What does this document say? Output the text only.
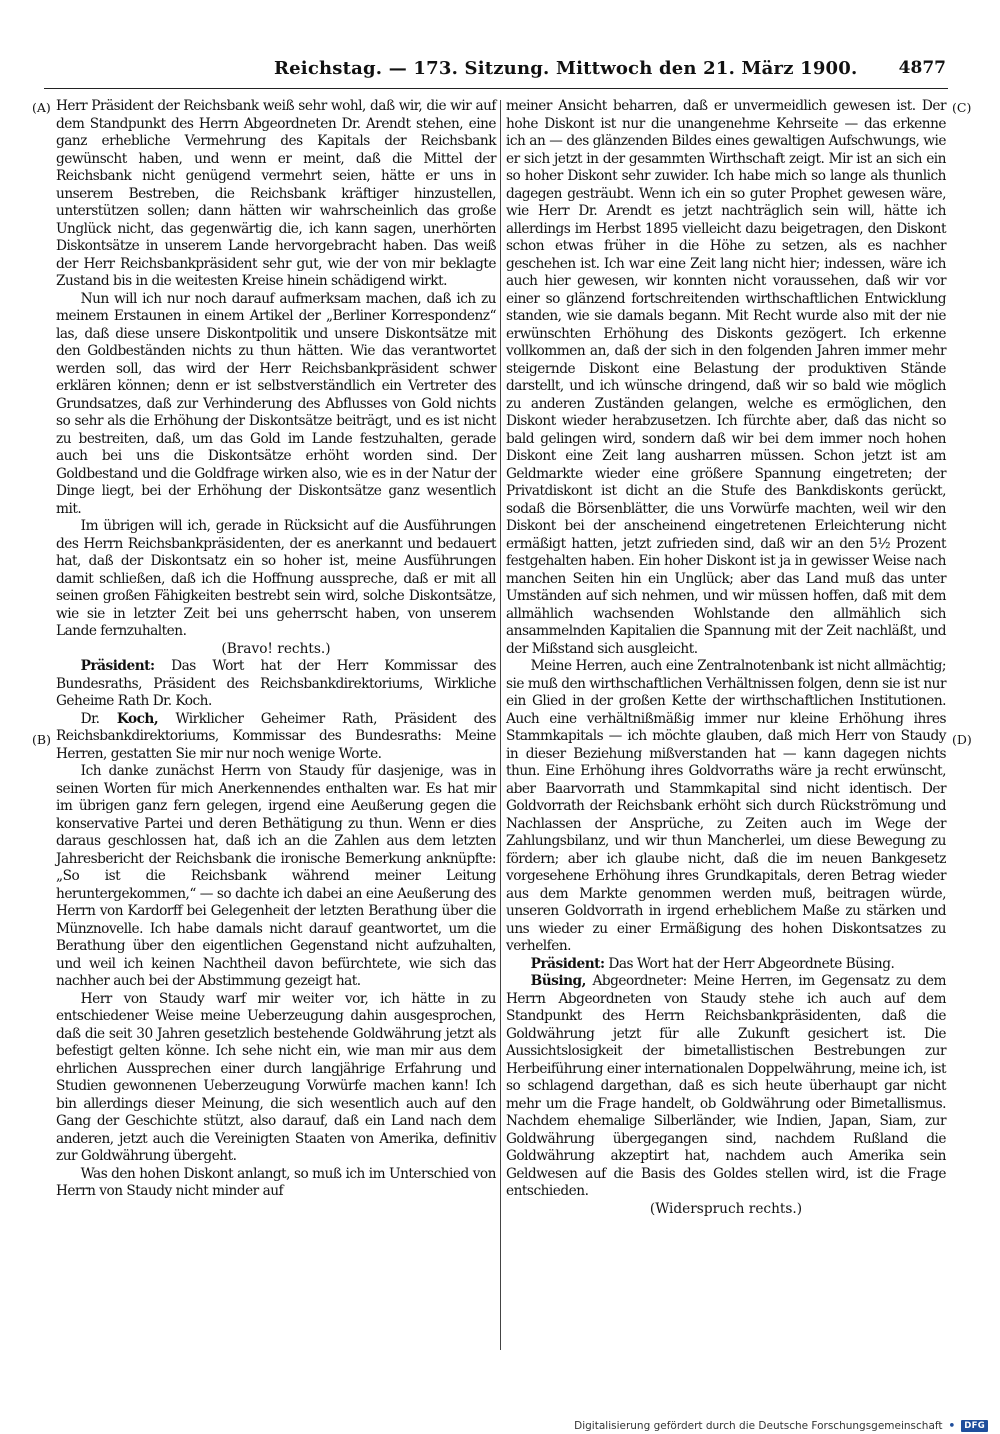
Reichstag. — 173. Sitzung. Mittwoch den 21. März 1900. 4877
(A)
(B)
(C)
(D)

Herr Präsident der Reichsbank weiß sehr wohl, daß wir, die wir auf dem Standpunkt des Herrn Abgeordneten Dr. Arendt stehen, eine ganz erhebliche Vermehrung des Kapitals der Reichsbank gewünscht haben, und wenn er meint, daß die Mittel der Reichsbank nicht genügend vermehrt seien, hätte er uns in unserem Bestreben, die Reichsbank kräftiger hinzustellen, unterstützen sollen; dann hätten wir wahrscheinlich das große Unglück nicht, das gegenwärtig die, ich kann sagen, unerhörten Diskontsätze in unserem Lande hervorgebracht haben. Das weiß der Herr Reichsbankpräsident sehr gut, wie der von mir beklagte Zustand bis in die weitesten Kreise hinein schädigend wirkt.

Nun will ich nur noch darauf aufmerksam machen, daß ich zu meinem Erstaunen in einem Artikel der „Berliner Korrespondenz“ las, daß diese unsere Diskontpolitik und unsere Diskontsätze mit den Goldbeständen nichts zu thun hätten. Wie das verantwortet werden soll, das wird der Herr Reichsbankpräsident schwer erklären können; denn er ist selbstverständlich ein Vertreter des Grundsatzes, daß zur Verhinderung des Abflusses von Gold nichts so sehr als die Erhöhung der Diskontsätze beiträgt, und es ist nicht zu bestreiten, daß, um das Gold im Lande festzuhalten, gerade auch bei uns die Diskontsätze erhöht worden sind. Der Goldbestand und die Goldfrage wirken also, wie es in der Natur der Dinge liegt, bei der Erhöhung der Diskontsätze ganz wesentlich mit.

Im übrigen will ich, gerade in Rücksicht auf die Ausführungen des Herrn Reichsbankpräsidenten, der es anerkannt und bedauert hat, daß der Diskontsatz ein so hoher ist, meine Ausführungen damit schließen, daß ich die Hoffnung ausspreche, daß er mit all seinen großen Fähigkeiten bestrebt sein wird, solche Diskontsätze, wie sie in letzter Zeit bei uns geherrscht haben, von unserem Lande fernzuhalten.

(Bravo! rechts.)

Präsident: Das Wort hat der Herr Kommissar des Bundesraths, Präsident des Reichsbankdirektoriums, Wirkliche Geheime Rath Dr. Koch.

Dr. Koch, Wirklicher Geheimer Rath, Präsident des Reichsbankdirektoriums, Kommissar des Bundesraths: Meine Herren, gestatten Sie mir nur noch wenige Worte.

Ich danke zunächst Herrn von Staudy für dasjenige, was in seinen Worten für mich Anerkennendes enthalten war. Es hat mir im übrigen ganz fern gelegen, irgend eine Aeußerung gegen die konservative Partei und deren Bethätigung zu thun. Wenn er dies daraus geschlossen hat, daß ich an die Zahlen aus dem letzten Jahresbericht der Reichsbank die ironische Bemerkung anknüpfte: „So ist die Reichsbank während meiner Leitung heruntergekommen,“ — so dachte ich dabei an eine Aeußerung des Herrn von Kardorff bei Gelegenheit der letzten Berathung über die Münznovelle. Ich habe damals nicht darauf geantwortet, um die Berathung über den eigentlichen Gegenstand nicht aufzuhalten, und weil ich keinen Nachtheil davon befürchtete, wie sich das nachher auch bei der Abstimmung gezeigt hat.

Herr von Staudy warf mir weiter vor, ich hätte in zu entschiedener Weise meine Ueberzeugung dahin ausgesprochen, daß die seit 30 Jahren gesetzlich bestehende Goldwährung jetzt als befestigt gelten könne. Ich sehe nicht ein, wie man mir aus dem ehrlichen Aussprechen einer durch langjährige Erfahrung und Studien gewonnenen Ueberzeugung Vorwürfe machen kann! Ich bin allerdings dieser Meinung, die sich wesentlich auch auf den Gang der Geschichte stützt, also darauf, daß ein Land nach dem anderen, jetzt auch die Vereinigten Staaten von Amerika, definitiv zur Goldwährung übergeht.

Was den hohen Diskont anlangt, so muß ich im Unterschied von Herrn von Staudy nicht minder auf

meiner Ansicht beharren, daß er unvermeidlich gewesen ist. Der hohe Diskont ist nur die unangenehme Kehrseite — das erkenne ich an — des glänzenden Bildes eines gewaltigen Aufschwungs, wie er sich jetzt in der gesammten Wirthschaft zeigt. Mir ist an sich ein so hoher Diskont sehr zuwider. Ich habe mich so lange als thunlich dagegen gesträubt. Wenn ich ein so guter Prophet gewesen wäre, wie Herr Dr. Arendt es jetzt nachträglich sein will, hätte ich allerdings im Herbst 1895 vielleicht dazu beigetragen, den Diskont schon etwas früher in die Höhe zu setzen, als es nachher geschehen ist. Ich war eine Zeit lang nicht hier; indessen, wäre ich auch hier gewesen, wir konnten nicht voraussehen, daß wir vor einer so glänzend fortschreitenden wirthschaftlichen Entwicklung standen, wie sie damals begann. Mit Recht wurde also mit der nie erwünschten Erhöhung des Diskonts gezögert. Ich erkenne vollkommen an, daß der sich in den folgenden Jahren immer mehr steigernde Diskont eine Belastung der produktiven Stände darstellt, und ich wünsche dringend, daß wir so bald wie möglich zu anderen Zuständen gelangen, welche es ermöglichen, den Diskont wieder herabzusetzen. Ich fürchte aber, daß das nicht so bald gelingen wird, sondern daß wir bei dem immer noch hohen Diskont eine Zeit lang ausharren müssen. Schon jetzt ist am Geldmarkte wieder eine größere Spannung eingetreten; der Privatdiskont ist dicht an die Stufe des Bankdiskonts gerückt, sodaß die Börsenblätter, die uns Vorwürfe machten, weil wir den Diskont bei der anscheinend eingetretenen Erleichterung nicht ermäßigt hatten, jetzt zufrieden sind, daß wir an den 5½ Prozent festgehalten haben. Ein hoher Diskont ist ja in gewisser Weise nach manchen Seiten hin ein Unglück; aber das Land muß das unter Umständen auf sich nehmen, und wir müssen hoffen, daß mit dem allmählich wachsenden Wohlstande den allmählich sich ansammelnden Kapitalien die Spannung mit der Zeit nachläßt, und der Mißstand sich ausgleicht.

Meine Herren, auch eine Zentralnotenbank ist nicht allmächtig; sie muß den wirthschaftlichen Verhältnissen folgen, denn sie ist nur ein Glied in der großen Kette der wirthschaftlichen Institutionen. Auch eine verhältnißmäßig immer nur kleine Erhöhung ihres Stammkapitals — ich möchte glauben, daß mich Herr von Staudy in dieser Beziehung mißverstanden hat — kann dagegen nichts thun. Eine Erhöhung ihres Goldvorraths wäre ja recht erwünscht, aber Baarvorrath und Stammkapital sind nicht identisch. Der Goldvorrath der Reichsbank erhöht sich durch Rückströmung und Nachlassen der Ansprüche, zu Zeiten auch im Wege der Zahlungsbilanz, und wir thun Mancherlei, um diese Bewegung zu fördern; aber ich glaube nicht, daß die im neuen Bankgesetz vorgesehene Erhöhung ihres Grundkapitals, deren Betrag wieder aus dem Markte genommen werden muß, beitragen würde, unseren Goldvorrath in irgend erheblichem Maße zu stärken und uns wieder zu einer Ermäßigung des hohen Diskontsatzes zu verhelfen.

Präsident: Das Wort hat der Herr Abgeordnete Büsing.

Büsing, Abgeordneter: Meine Herren, im Gegensatz zu dem Herrn Abgeordneten von Staudy stehe ich auch auf dem Standpunkt des Herrn Reichsbankpräsidenten, daß die Goldwährung jetzt für alle Zukunft gesichert ist. Die Aussichtslosigkeit der bimetallistischen Bestrebungen zur Herbeiführung einer internationalen Doppelwährung, meine ich, ist so schlagend dargethan, daß es sich heute überhaupt gar nicht mehr um die Frage handelt, ob Goldwährung oder Bimetallismus. Nachdem ehemalige Silberländer, wie Indien, Japan, Siam, zur Goldwährung übergegangen sind, nachdem Rußland die Goldwährung akzeptirt hat, nachdem auch Amerika sein Geldwesen auf die Basis des Goldes stellen wird, ist die Frage entschieden.

(Widerspruch rechts.)

Digitalisierung gefördert durch die Deutsche Forschungsgemeinschaft •	DFG
